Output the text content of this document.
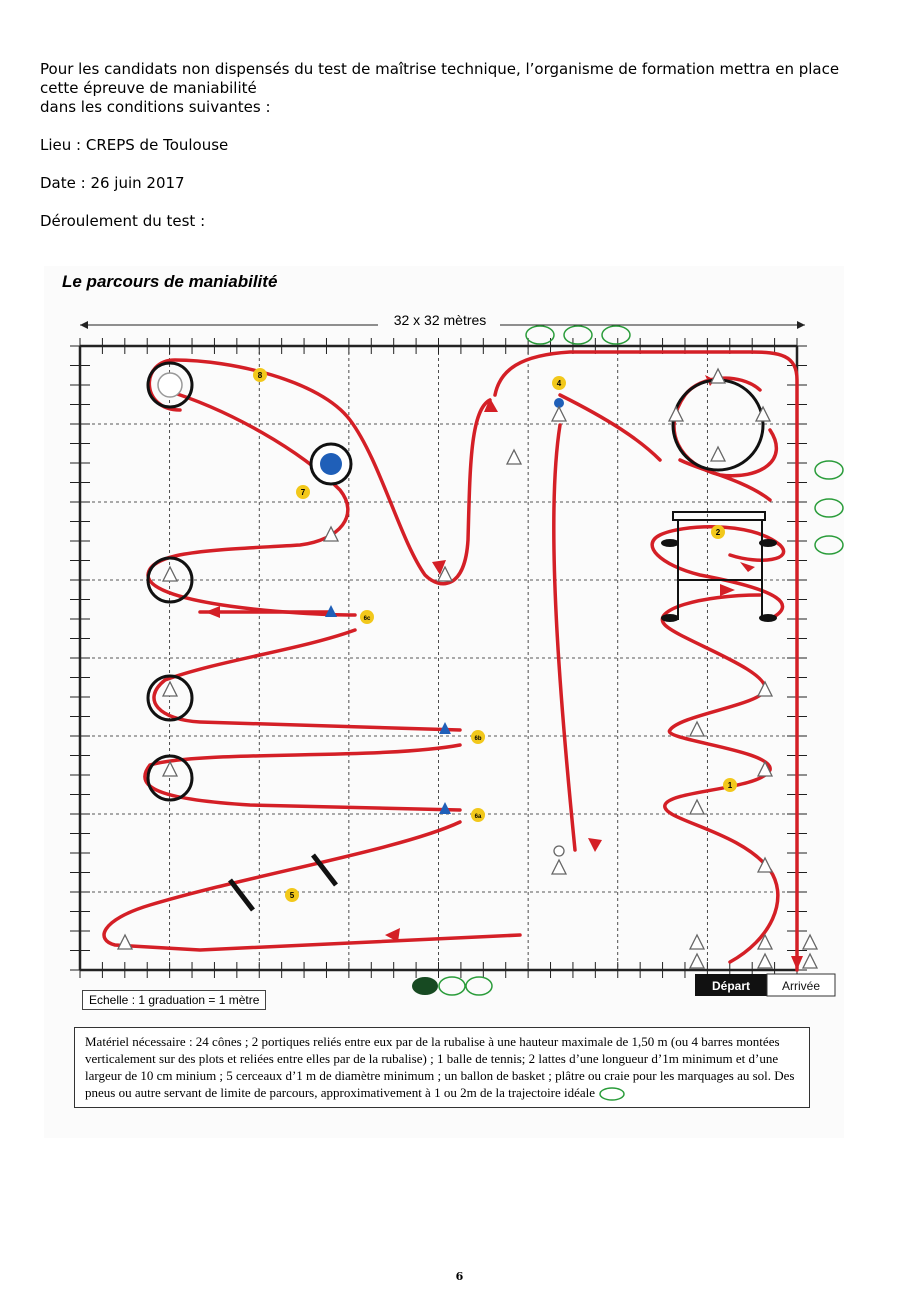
Pour les candidats non dispensés du test de maîtrise technique, l’organisme de formation mettra en place

cette épreuve de maniabilité

dans les conditions suivantes :

Lieu : CREPS de Toulouse

Date : 26 juin 2017

Déroulement du test :

32 x 32 mètres
1
2
4
5
6a
6b
6c
7
8
Départ	Arrivée
Le parcours de maniabilité
Echelle : 1 graduation = 1 mètre
Matériel nécessaire : 24 cônes ; 2 portiques reliés entre eux par de la rubalise à une hauteur maximale de 1,50 m (ou 4 barres montées verticalement sur des plots et reliées entre elles par de la rubalise) ; 1 balle de tennis; 2 lattes d’une longueur d’1m minimum et d’une largeur de 10 cm minium ; 5 cerceaux d’1 m de diamètre minimum ; un ballon de basket ; plâtre ou craie pour les marquages au sol. Des pneus ou autre servant de limite de parcours, approximativement à 1 ou 2m de la trajectoire idéale
6
